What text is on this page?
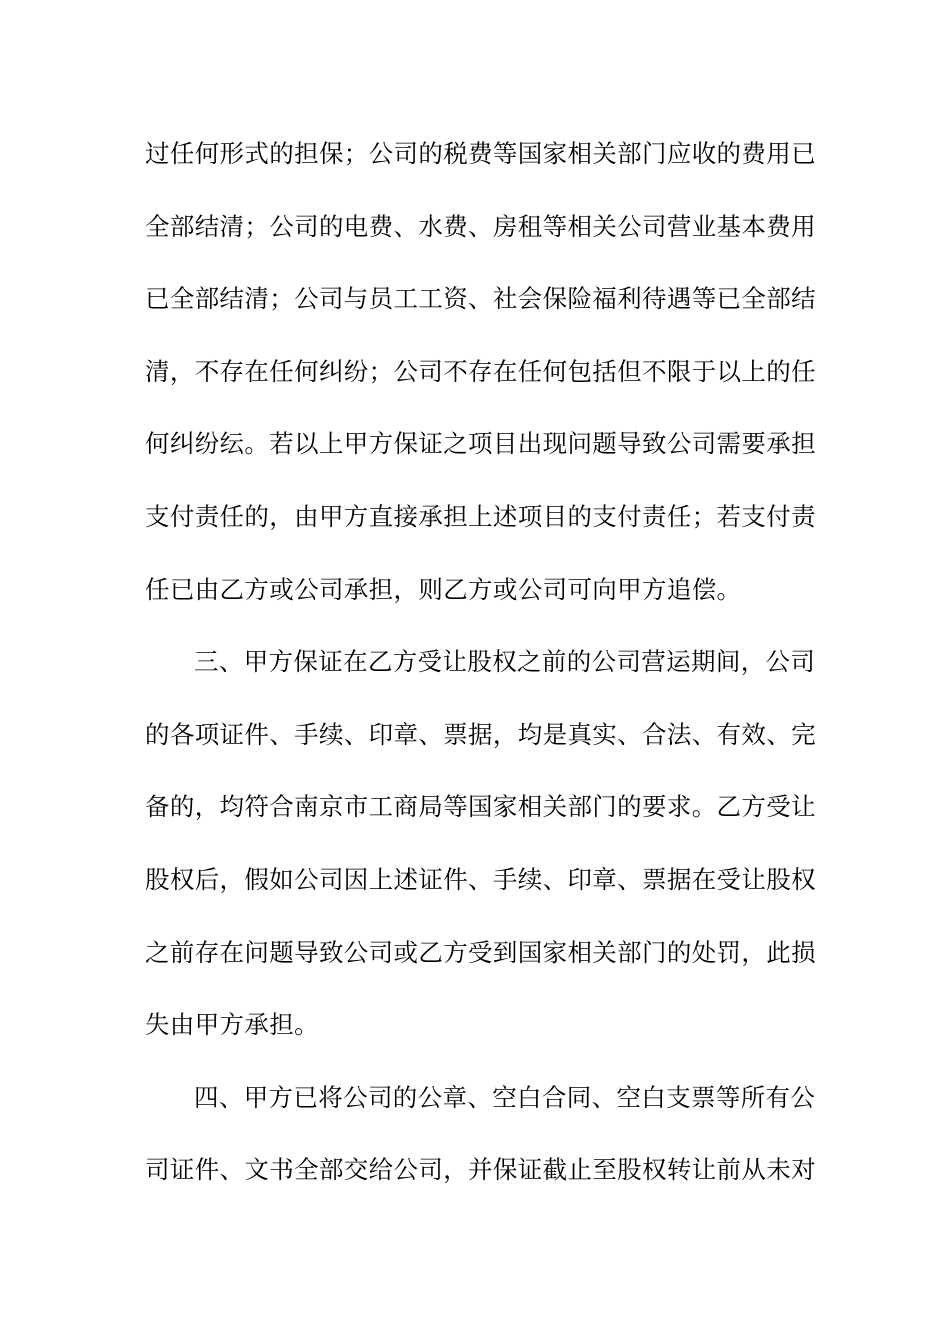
过任何形式的担保；公司的税费等国家相关部门应收的费用已
全部结清；公司的电费、水费、房租等相关公司营业基本费用
已全部结清；公司与员工工资、社会保险福利待遇等已全部结
清，不存在任何纠纷；公司不存在任何包括但不限于以上的任
何纠纷纭。若以上甲方保证之项目出现问题导致公司需要承担
支付责任的，由甲方直接承担上述项目的支付责任；若支付责
任已由乙方或公司承担，则乙方或公司可向甲方追偿。
三、甲方保证在乙方受让股权之前的公司营运期间，公司
的各项证件、手续、印章、票据，均是真实、合法、有效、完
备的，均符合南京市工商局等国家相关部门的要求。乙方受让
股权后，假如公司因上述证件、手续、印章、票据在受让股权
之前存在问题导致公司或乙方受到国家相关部门的处罚，此损
失由甲方承担。
四、甲方已将公司的公章、空白合同、空白支票等所有公
司证件、文书全部交给公司，并保证截止至股权转让前从未对
